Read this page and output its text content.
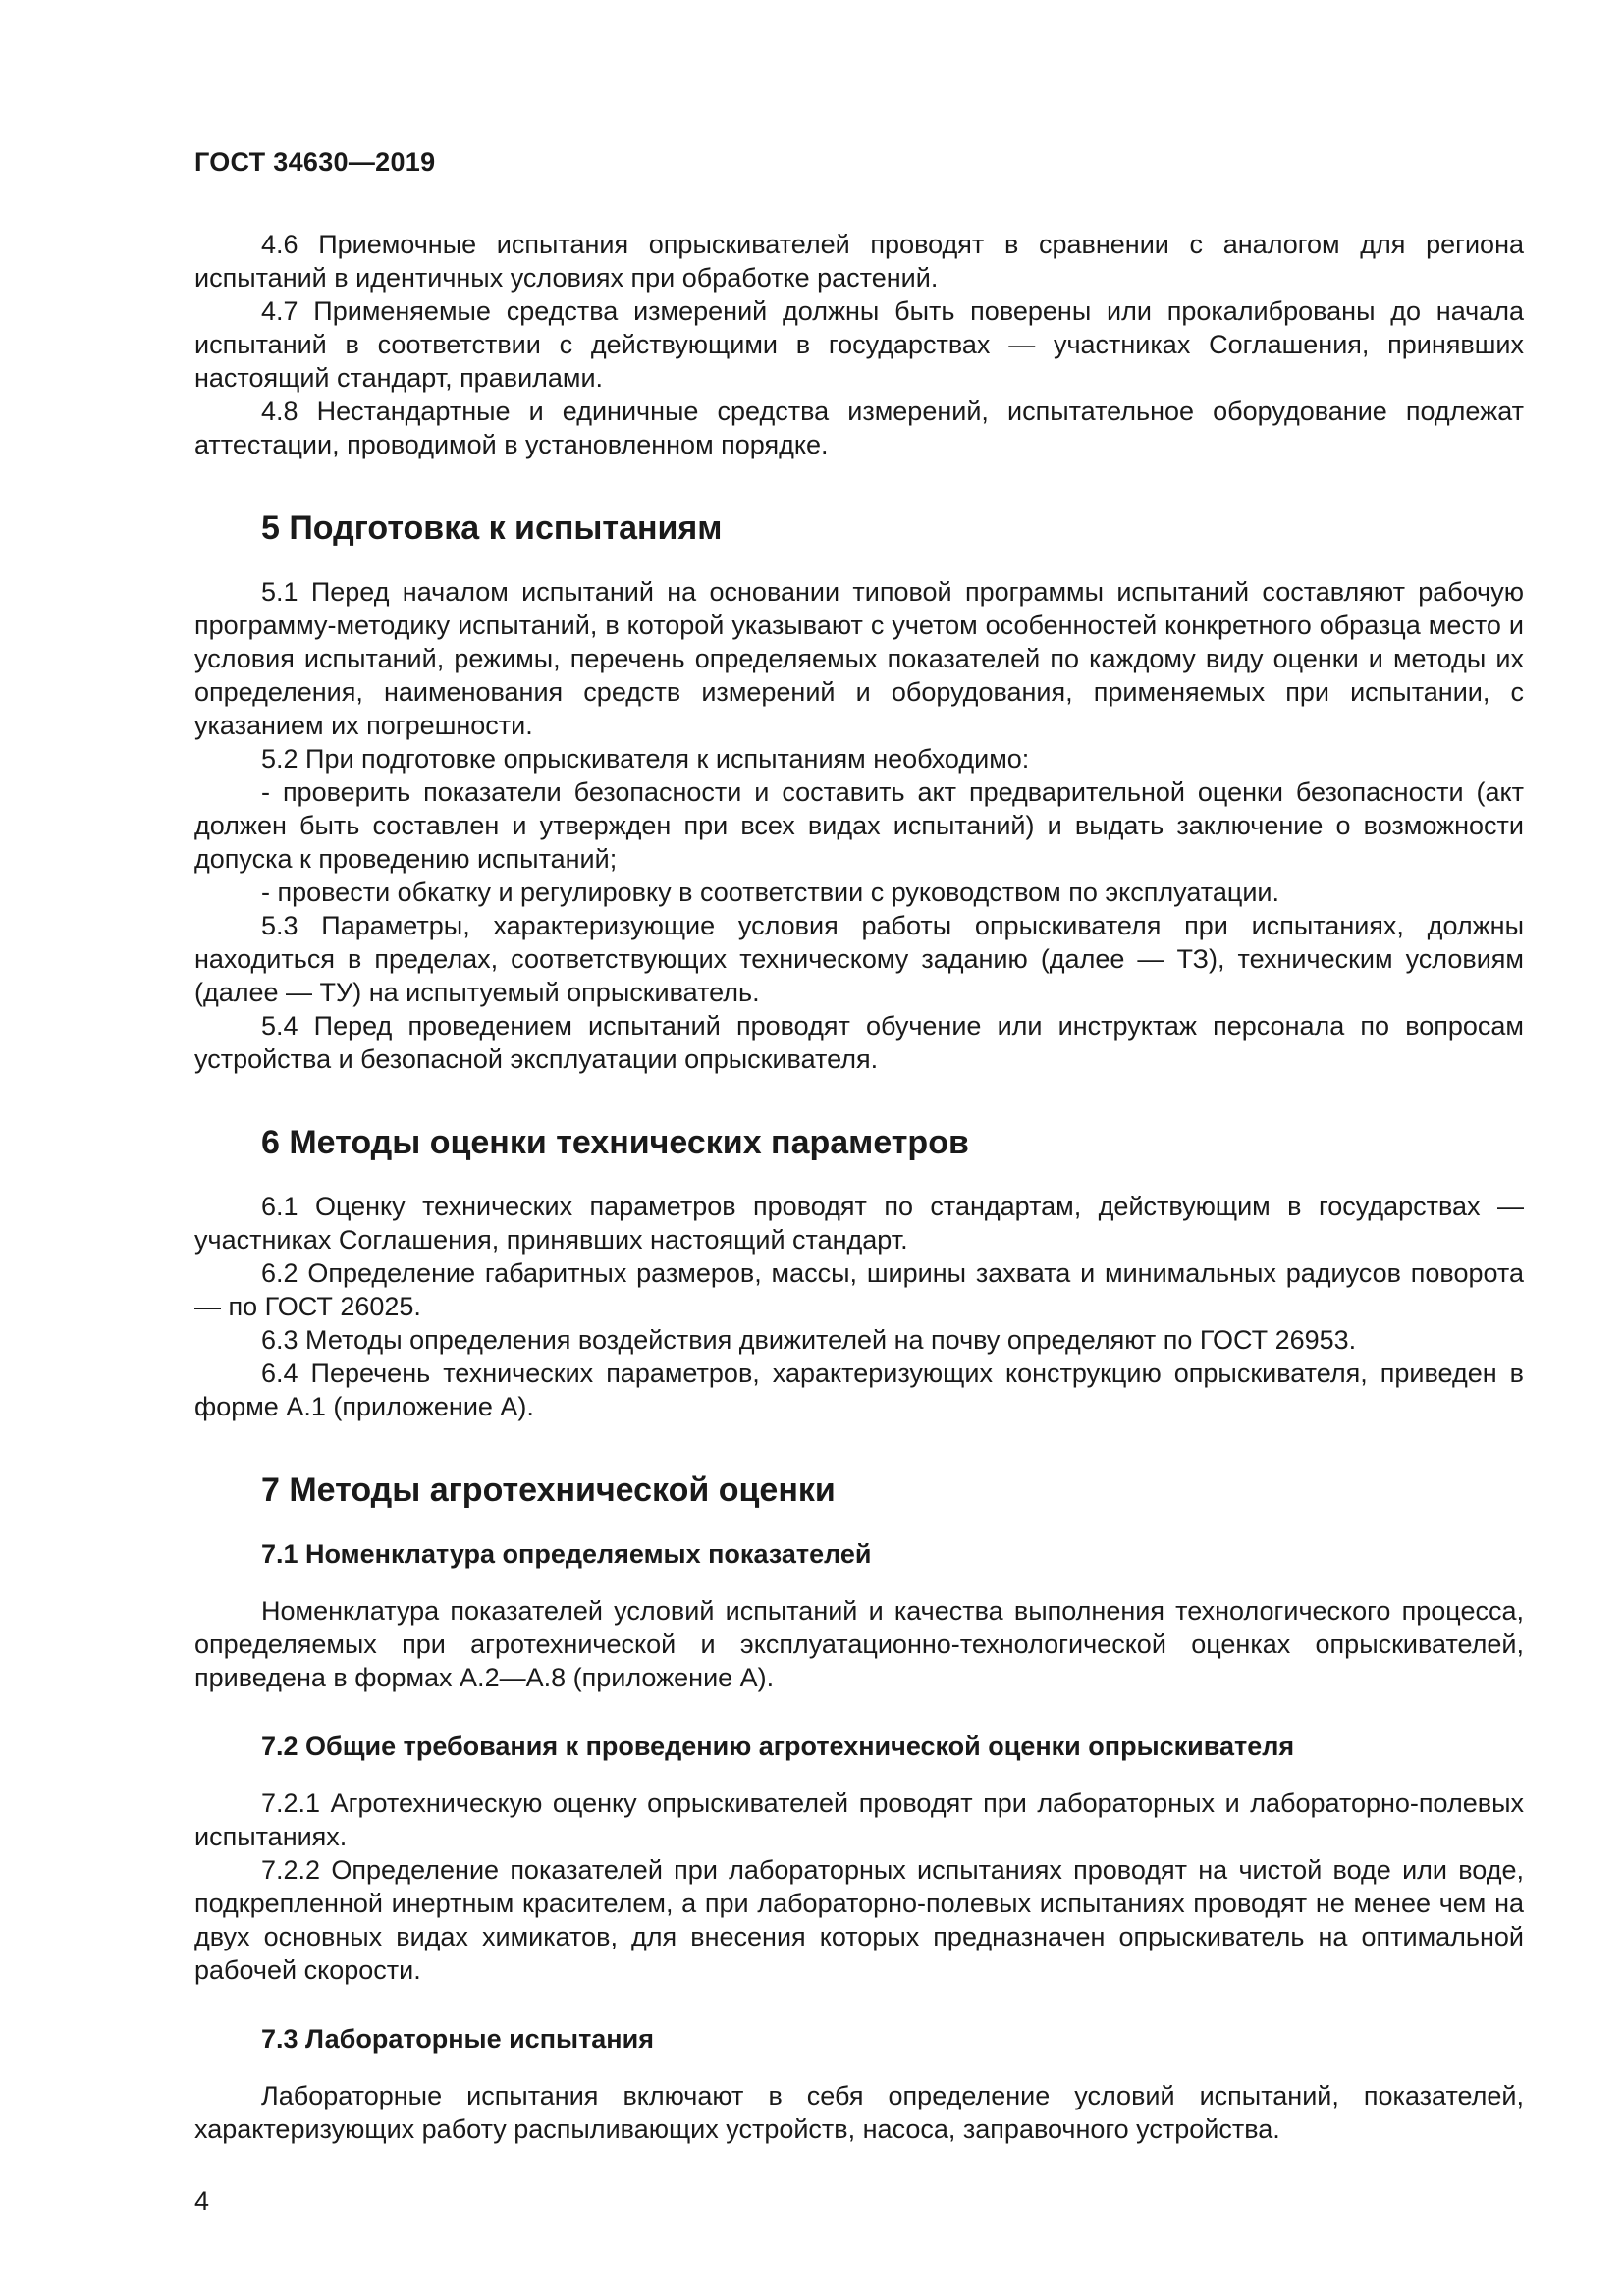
ГОСТ 34630—2019

4.6 Приемочные испытания опрыскивателей проводят в сравнении с аналогом для региона испытаний в идентичных условиях при обработке растений.

4.7 Применяемые средства измерений должны быть поверены или прокалиброваны до начала испытаний в соответствии с действующими в государствах — участниках Соглашения, принявших настоящий стандарт, правилами.

4.8 Нестандартные и единичные средства измерений, испытательное оборудование подлежат аттестации, проводимой в установленном порядке.

5 Подготовка к испытаниям

5.1 Перед началом испытаний на основании типовой программы испытаний составляют рабочую программу-методику испытаний, в которой указывают с учетом особенностей конкретного образца место и условия испытаний, режимы, перечень определяемых показателей по каждому виду оценки и методы их определения, наименования средств измерений и оборудования, применяемых при испытании, с указанием их погрешности.

5.2 При подготовке опрыскивателя к испытаниям необходимо:

- проверить показатели безопасности и составить акт предварительной оценки безопасности (акт должен быть составлен и утвержден при всех видах испытаний) и выдать заключение о возможности допуска к проведению испытаний;

- провести обкатку и регулировку в соответствии с руководством по эксплуатации.

5.3 Параметры, характеризующие условия работы опрыскивателя при испытаниях, должны находиться в пределах, соответствующих техническому заданию (далее — ТЗ), техническим условиям (далее — ТУ) на испытуемый опрыскиватель.

5.4 Перед проведением испытаний проводят обучение или инструктаж персонала по вопросам устройства и безопасной эксплуатации опрыскивателя.

6 Методы оценки технических параметров

6.1 Оценку технических параметров проводят по стандартам, действующим в государствах — участниках Соглашения, принявших настоящий стандарт.

6.2 Определение габаритных размеров, массы, ширины захвата и минимальных радиусов поворота — по ГОСТ 26025.

6.3 Методы определения воздействия движителей на почву определяют по ГОСТ 26953.

6.4 Перечень технических параметров, характеризующих конструкцию опрыскивателя, приведен в форме А.1 (приложение А).

7 Методы агротехнической оценки
7.1 Номенклатура определяемых показателей

Номенклатура показателей условий испытаний и качества выполнения технологического процесса, определяемых при агротехнической и эксплуатационно-технологической оценках опрыскивателей, приведена в формах А.2—А.8 (приложение А).

7.2 Общие требования к проведению агротехнической оценки опрыскивателя

7.2.1 Агротехническую оценку опрыскивателей проводят при лабораторных и лабораторно-полевых испытаниях.

7.2.2 Определение показателей при лабораторных испытаниях проводят на чистой воде или воде, подкрепленной инертным красителем, а при лабораторно-полевых испытаниях проводят не менее чем на двух основных видах химикатов, для внесения которых предназначен опрыскиватель на оптимальной рабочей скорости.

7.3 Лабораторные испытания

Лабораторные испытания включают в себя определение условий испытаний, показателей, характеризующих работу распыливающих устройств, насоса, заправочного устройства.

4
